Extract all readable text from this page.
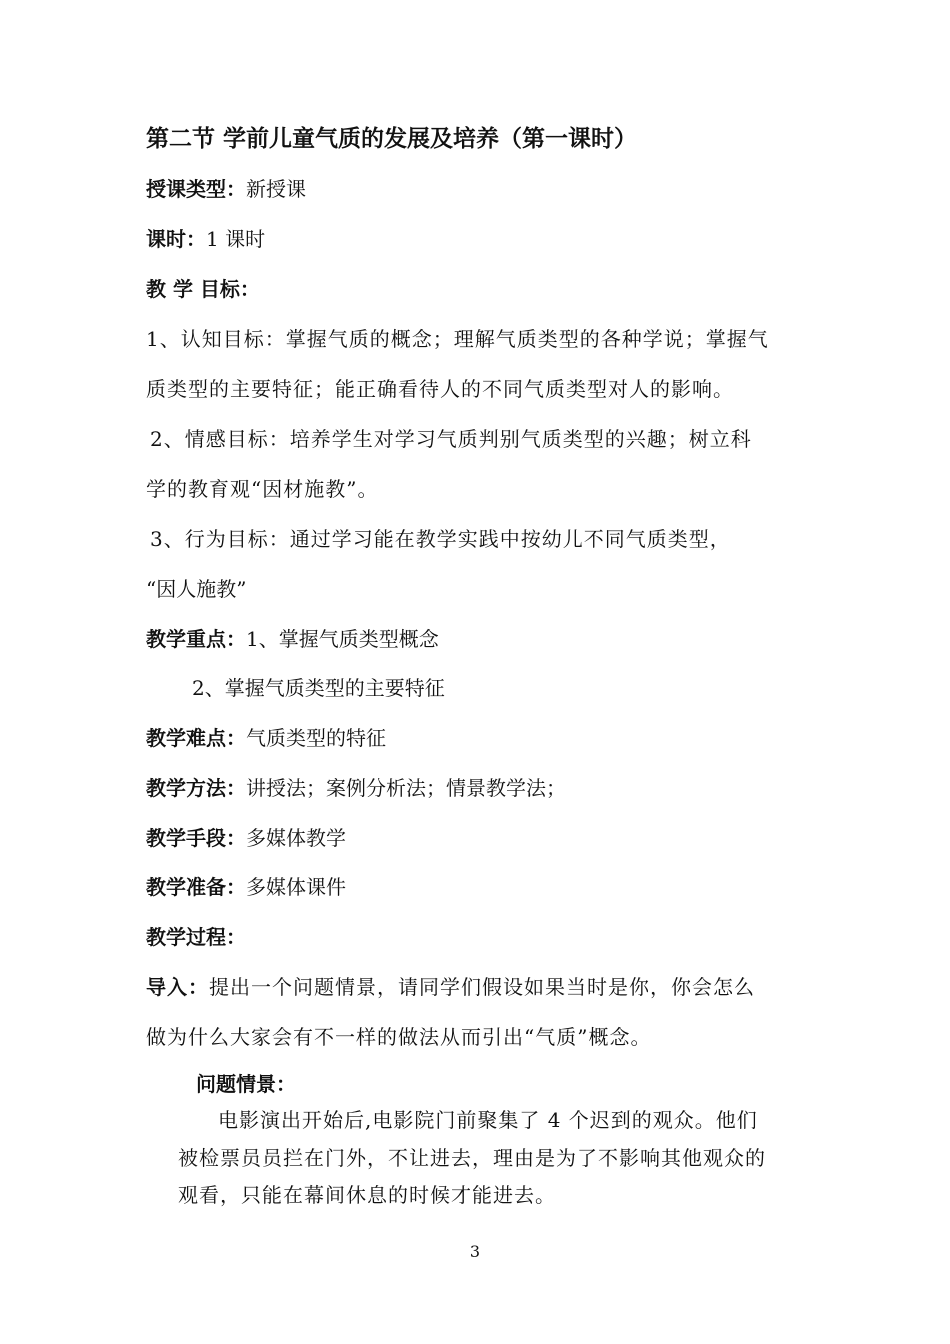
第二节 学前儿童气质的发展及培养（第一课时）
授课类型：新授课
课时：1 课时
教 学 目标：
1、认知目标：掌握气质的概念；理解气质类型的各种学说；掌握气
质类型的主要特征；能正确看待人的不同气质类型对人的影响。
2、情感目标：培养学生对学习气质判别气质类型的兴趣；树立科
学的教育观“因材施教”。
3、行为目标：通过学习能在教学实践中按幼儿不同气质类型，
“因人施教”
教学重点：1、掌握气质类型概念
2、掌握气质类型的主要特征
教学难点：气质类型的特征
教学方法：讲授法；案例分析法；情景教学法；
教学手段：多媒体教学
教学准备：多媒体课件
教学过程：
导入：提出一个问题情景，请同学们假设如果当时是你，你会怎么
做为什么大家会有不一样的做法从而引出“气质”概念。
问题情景：
电影演出开始后,电影院门前聚集了 4 个迟到的观众。他们
被检票员员拦在门外，不让进去，理由是为了不影响其他观众的
观看，只能在幕间休息的时候才能进去。
3
